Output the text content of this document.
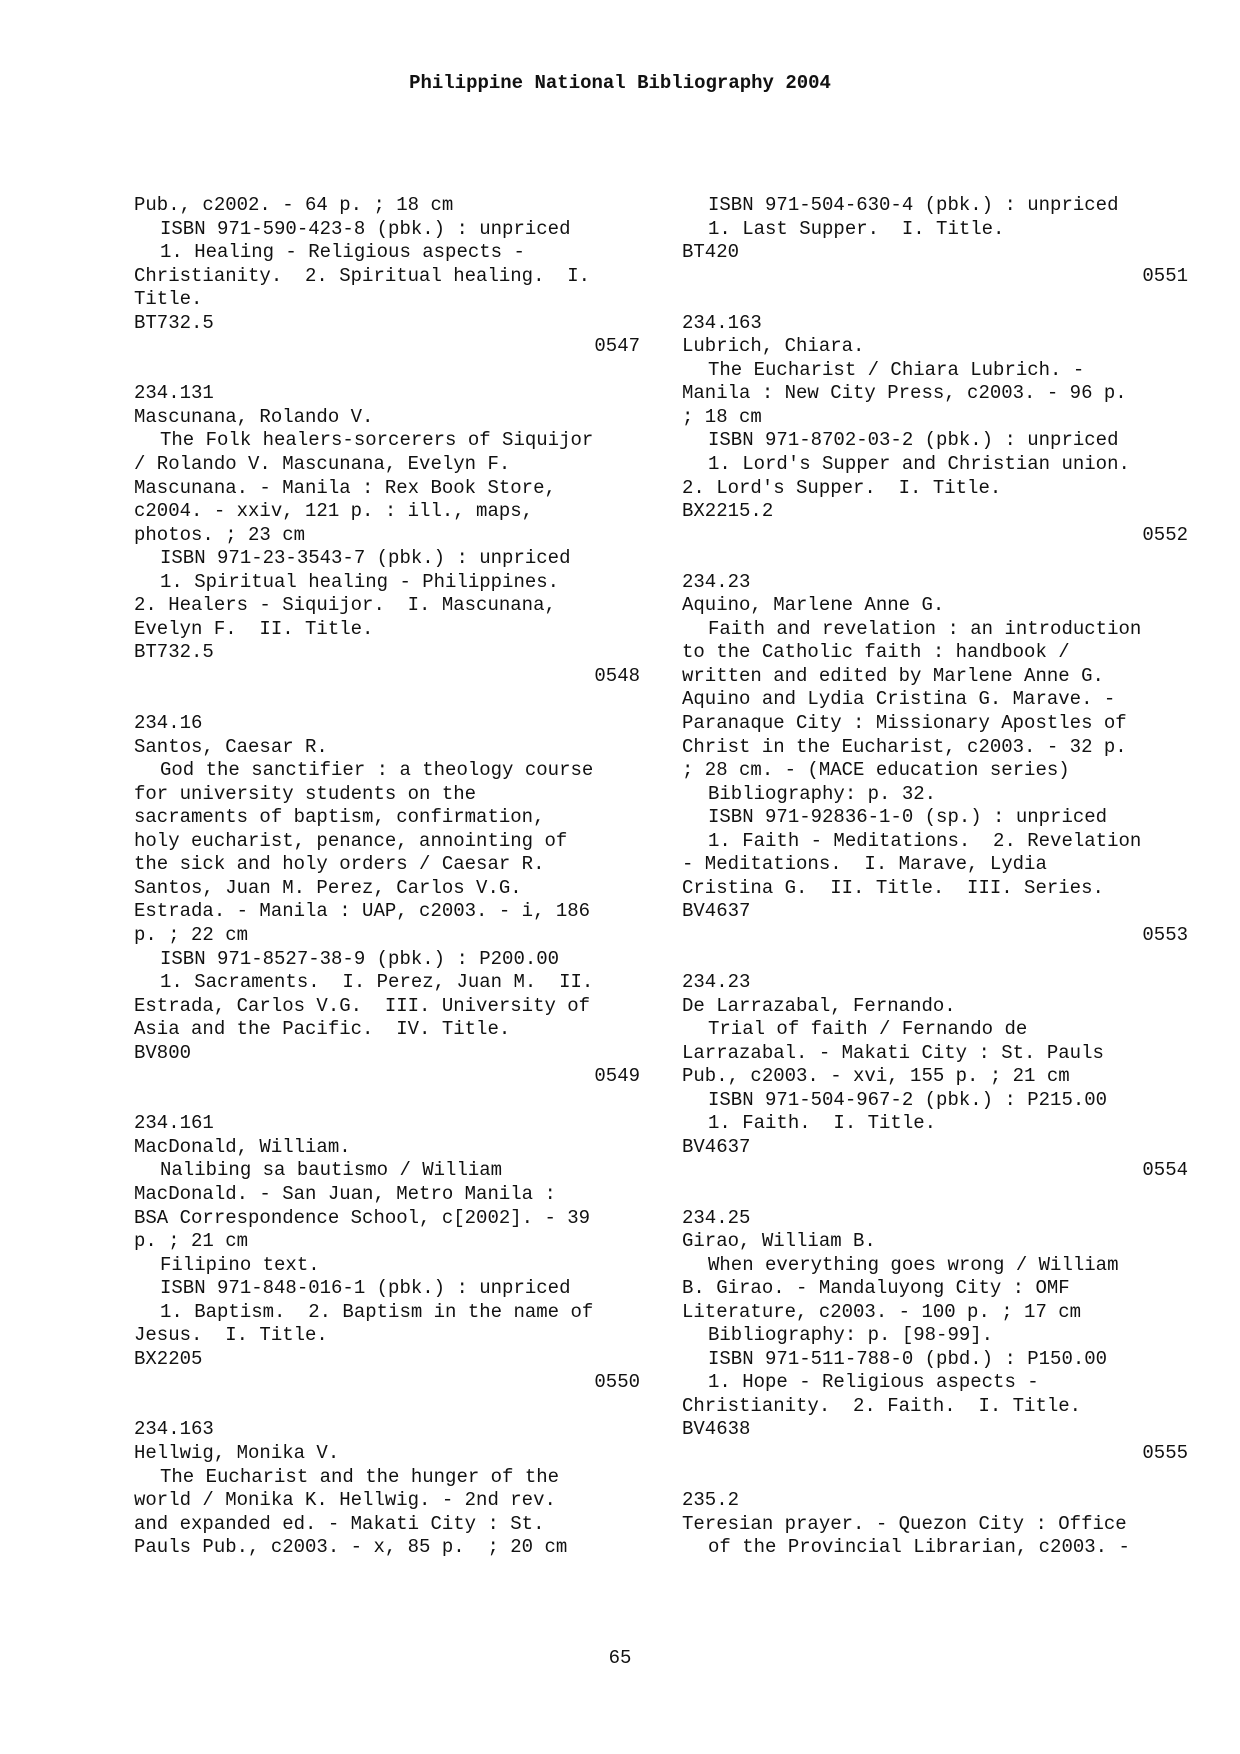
Philippine National Bibliography 2004
Pub., c2002. - 64 p. ; 18 cm
ISBN 971-590-423-8 (pbk.) : unpriced
1. Healing - Religious aspects -
Christianity.  2. Spiritual healing.  I.
Title.
BT732.5
0547
234.131
Mascunana, Rolando V.
The Folk healers-sorcerers of Siquijor
/ Rolando V. Mascunana, Evelyn F.
Mascunana. - Manila : Rex Book Store,
c2004. - xxiv, 121 p. : ill., maps,
photos. ; 23 cm
ISBN 971-23-3543-7 (pbk.) : unpriced
1. Spiritual healing - Philippines.
2. Healers - Siquijor.  I. Mascunana,
Evelyn F.  II. Title.
BT732.5
0548
234.16
Santos, Caesar R.
God the sanctifier : a theology course
for university students on the
sacraments of baptism, confirmation,
holy eucharist, penance, annointing of
the sick and holy orders / Caesar R.
Santos, Juan M. Perez, Carlos V.G.
Estrada. - Manila : UAP, c2003. - i, 186
p. ; 22 cm
ISBN 971-8527-38-9 (pbk.) : P200.00
1. Sacraments.  I. Perez, Juan M.  II.
Estrada, Carlos V.G.  III. University of
Asia and the Pacific.  IV. Title.
BV800
0549
234.161
MacDonald, William.
Nalibing sa bautismo / William
MacDonald. - San Juan, Metro Manila :
BSA Correspondence School, c[2002]. - 39
p. ; 21 cm
Filipino text.
ISBN 971-848-016-1 (pbk.) : unpriced
1. Baptism.  2. Baptism in the name of
Jesus.  I. Title.
BX2205
0550
234.163
Hellwig, Monika V.
The Eucharist and the hunger of the
world / Monika K. Hellwig. - 2nd rev.
and expanded ed. - Makati City : St.
Pauls Pub., c2003. - x, 85 p.  ; 20 cm
ISBN 971-504-630-4 (pbk.) : unpriced
1. Last Supper.  I. Title.
BT420
0551
234.163
Lubrich, Chiara.
The Eucharist / Chiara Lubrich. -
Manila : New City Press, c2003. - 96 p.
; 18 cm
ISBN 971-8702-03-2 (pbk.) : unpriced
1. Lord's Supper and Christian union.
2. Lord's Supper.  I. Title.
BX2215.2
0552
234.23
Aquino, Marlene Anne G.
Faith and revelation : an introduction
to the Catholic faith : handbook /
written and edited by Marlene Anne G.
Aquino and Lydia Cristina G. Marave. -
Paranaque City : Missionary Apostles of
Christ in the Eucharist, c2003. - 32 p.
; 28 cm. - (MACE education series)
Bibliography: p. 32.
ISBN 971-92836-1-0 (sp.) : unpriced
1. Faith - Meditations.  2. Revelation
- Meditations.  I. Marave, Lydia
Cristina G.  II. Title.  III. Series.
BV4637
0553
234.23
De Larrazabal, Fernando.
Trial of faith / Fernando de
Larrazabal. - Makati City : St. Pauls
Pub., c2003. - xvi, 155 p. ; 21 cm
ISBN 971-504-967-2 (pbk.) : P215.00
1. Faith.  I. Title.
BV4637
0554
234.25
Girao, William B.
When everything goes wrong / William
B. Girao. - Mandaluyong City : OMF
Literature, c2003. - 100 p. ; 17 cm
Bibliography: p. [98-99].
ISBN 971-511-788-0 (pbd.) : P150.00
1. Hope - Religious aspects -
Christianity.  2. Faith.  I. Title.
BV4638
0555
235.2
Teresian prayer. - Quezon City : Office
of the Provincial Librarian, c2003. -
65
